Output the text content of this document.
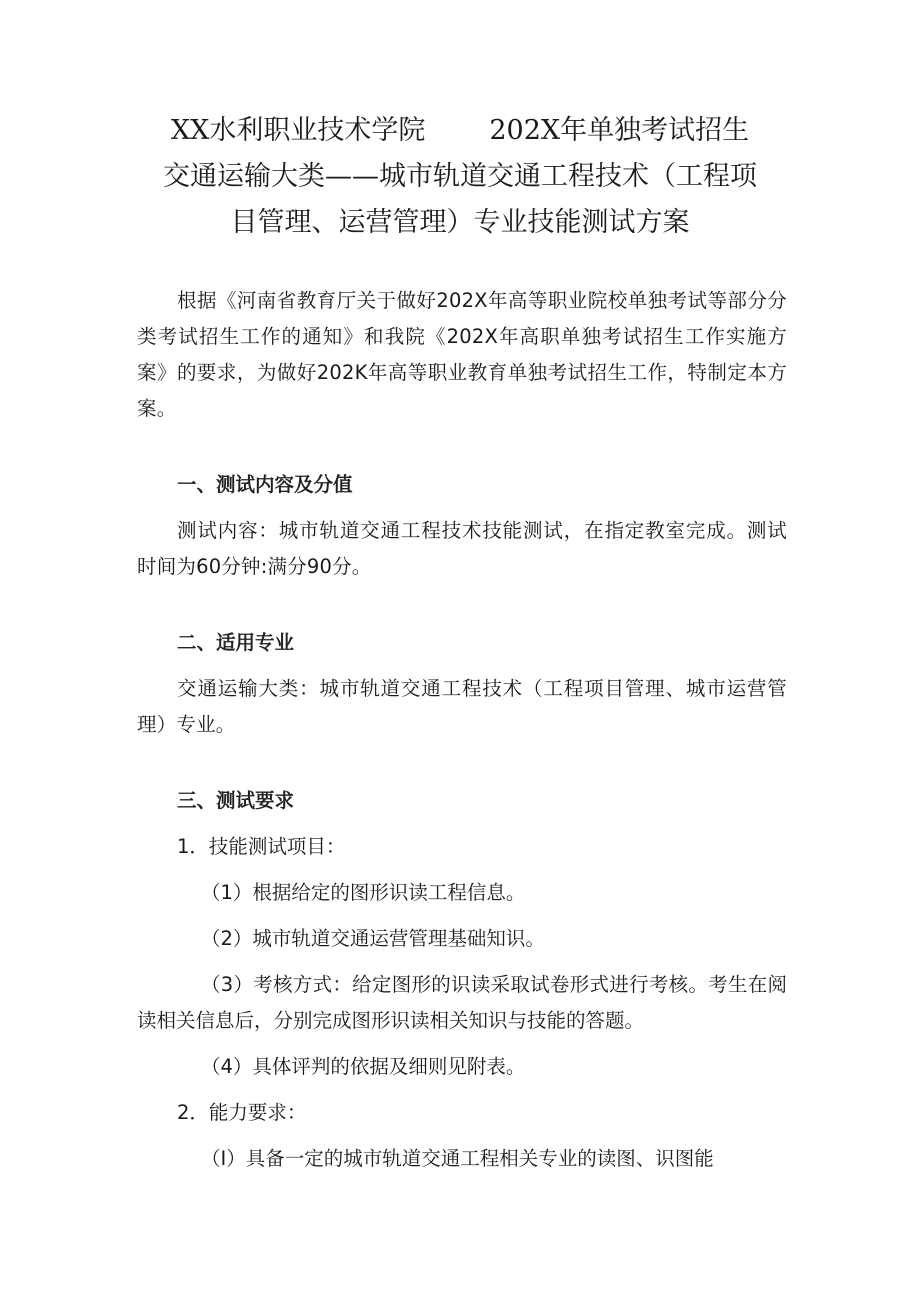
XX水利职业技术学院 202X年单独考试招生
交通运输大类——城市轨道交通工程技术（工程项
目管理、运营管理）专业技能测试方案

根据《河南省教育厅关于做好202X年高等职业院校单独考试等部分分类考试招生工作的通知》和我院《202X年高职单独考试招生工作实施方案》的要求，为做好202K年高等职业教育单独考试招生工作，特制定本方案。

一、测试内容及分值

测试内容：城市轨道交通工程技术技能测试，在指定教室完成。测试时间为60分钟:满分90分。

二、适用专业

交通运输大类：城市轨道交通工程技术（工程项目管理、城市运营管理）专业。

三、测试要求

1．技能测试项目：

（1）根据给定的图形识读工程信息。

（2）城市轨道交通运营管理基础知识。

（3）考核方式：给定图形的识读采取试卷形式进行考核。考生在阅读相关信息后，分别完成图形识读相关知识与技能的答题。

（4）具体评判的依据及细则见附表。

2．能力要求：

（I）具备一定的城市轨道交通工程相关专业的读图、识图能
